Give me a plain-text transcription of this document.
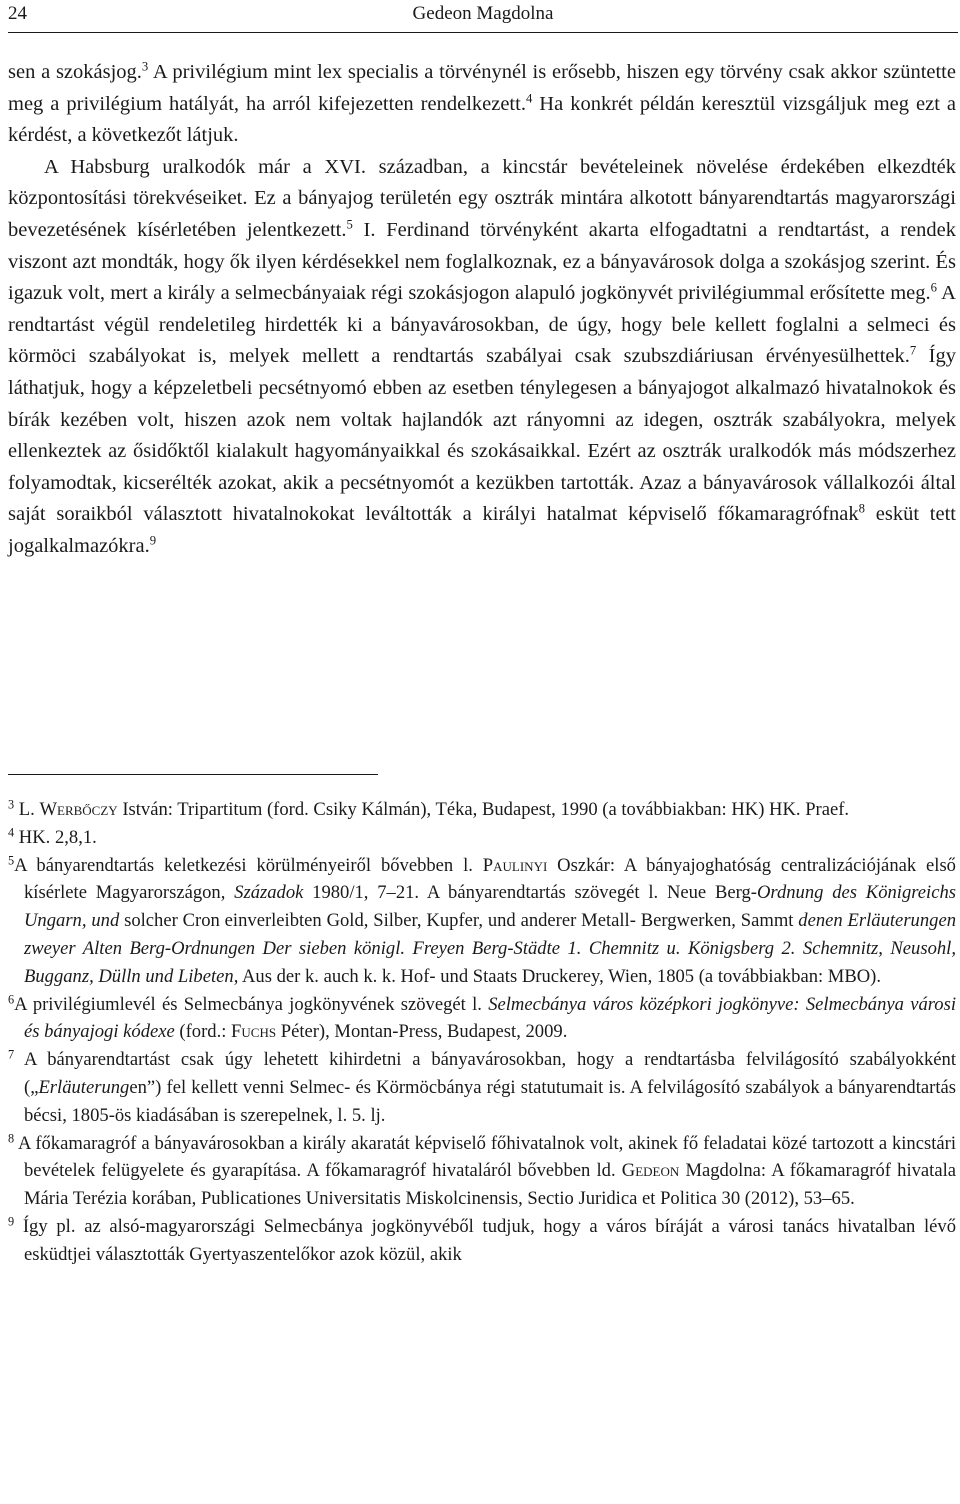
24	Gedeon Magdolna

sen a szokásjog.$^3$ A privilégium mint lex specialis a törvénynél is erősebb, hiszen egy törvény csak akkor szüntette meg a privilégium hatályát, ha arról kifejezetten rendelkezett.$^4$ Ha konkrét példán keresztül vizsgáljuk meg ezt a kérdést, a következőt látjuk.

A Habsburg uralkodók már a XVI. században, a kincstár bevételeinek növelése érdekében elkezdték központosítási törekvéseiket. Ez a bányajog területén egy osztrák mintára alkotott bányarendtartás magyarországi bevezetésének kísérletében jelentkezett.$^5$ I. Ferdinand törvényként akarta elfogadtatni a rendtartást, a rendek viszont azt mondták, hogy ők ilyen kérdésekkel nem foglalkoznak, ez a bányavárosok dolga a szokásjog szerint. És igazuk volt, mert a király a selmecbányaiak régi szokásjogon alapuló jogkönyvét privilégiummal erősítette meg.$^6$ A rendtartást végül rendeletileg hirdették ki a bányavárosokban, de úgy, hogy bele kellett foglalni a selmeci és körmöci szabályokat is, melyek mellett a rendtartás szabályai csak szubszdiáriusan érvényesülhettek.$^7$ Így láthatjuk, hogy a képzeletbeli pecsétnyomó ebben az esetben ténylegesen a bányajogot alkalmazó hivatalnokok és bírák kezében volt, hiszen azok nem voltak hajlandók azt rányomni az idegen, osztrák szabályokra, melyek ellenkeztek az ősidőktől kialakult hagyományaikkal és szokásaikkal. Ezért az osztrák uralkodók más módszerhez folyamodtak, kicserélték azokat, akik a pecsétnyomót a kezükben tartották. Azaz a bányavárosok vállalkozói által saját soraikból választott hivatalnokokat leváltották a királyi hatalmat képviselő főkamaragrófnak$^8$ esküt tett jogalkalmazókra.$^9$

$^3$ L. Werbőczy István: Tripartitum (ford. Csiky Kálmán), Téka, Budapest, 1990 (a továbbiakban: HK) HK. Praef.

$^4$ HK. 2,8,1.

$^5$A bányarendtartás keletkezési körülményeiről bővebben l. Paulinyi Oszkár: A bányajoghatóság centralizációjának első kísérlete Magyarországon, Századok 1980/1, 7–21. A bányarendtartás szövegét l. Neue Berg-Ordnung des Königreichs Ungarn, und solcher Cron einverleibten Gold, Silber, Kupfer, und anderer Metall- Bergwerken, Sammt denen Erläuterungen zweyer Alten Berg-Ordnungen Der sieben königl. Freyen Berg-Städte 1. Chemnitz u. Königsberg 2. Schemnitz, Neusohl, Bugganz, Dülln und Libeten, Aus der k. auch k. k. Hof- und Staats Druckerey, Wien, 1805 (a továbbiakban: MBO).

$^6$A privilégiumlevél és Selmecbánya jogkönyvének szövegét l. Selmecbánya város középkori jogkönyve: Selmecbánya városi és bányajogi kódexe (ford.: Fuchs Péter), Montan-Press, Budapest, 2009.

$^7$ A bányarendtartást csak úgy lehetett kihirdetni a bányavárosokban, hogy a rendtartásba felvilágosító szabályokként („Erläuterungen”) fel kellett venni Selmec- és Körmöcbánya régi statutumait is. A felvilágosító szabályok a bányarendtartás bécsi, 1805-ös kiadásában is szerepelnek, l. 5. lj.

$^8$ A főkamaragróf a bányavárosokban a király akaratát képviselő főhivatalnok volt, akinek fő feladatai közé tartozott a kincstári bevételek felügyelete és gyarapítása. A főkamaragróf hivataláról bővebben ld. Gedeon Magdolna: A főkamaragróf hivatala Mária Terézia korában, Publicationes Universitatis Miskolcinensis, Sectio Juridica et Politica 30 (2012), 53–65.

$^9$ Így pl. az alsó-magyarországi Selmecbánya jogkönyvéből tudjuk, hogy a város bíráját a városi tanács hivatalban lévő esküdtjei választották Gyertyaszentelőkor azok közül, akik
